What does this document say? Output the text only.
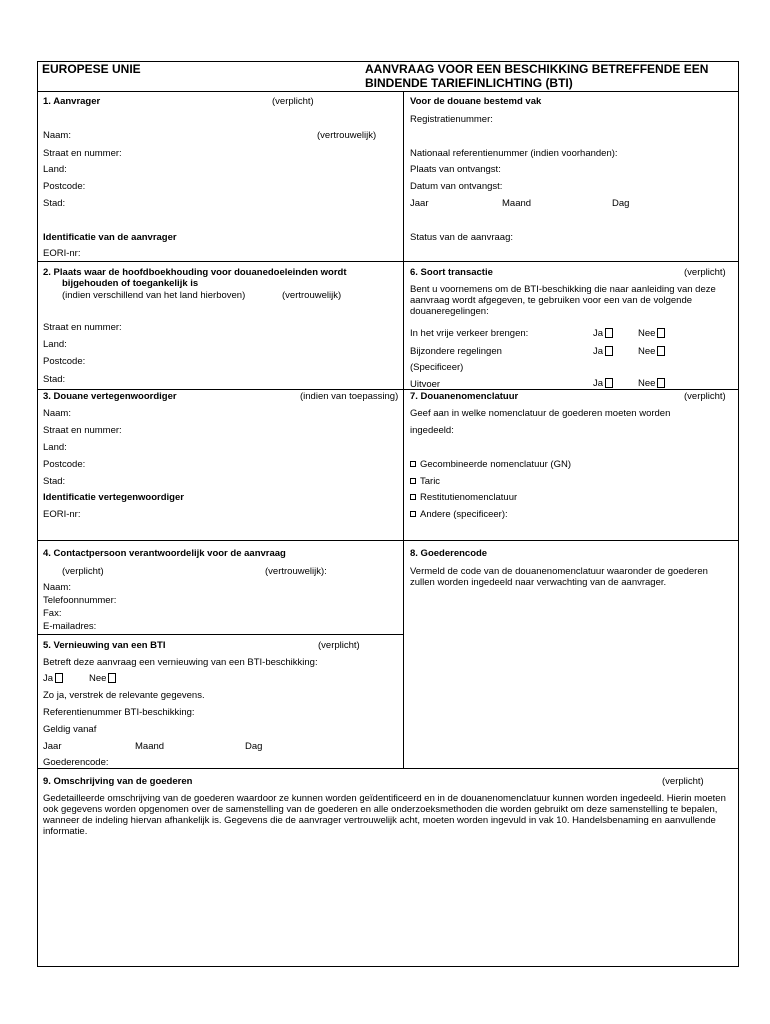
EUROPESE UNIE	AANVRAAG VOOR EEN BESCHIKKING BETREFFENDE EEN
BINDENDE TARIEFINLICHTING (BTI)
1. Aanvrager	(verplicht)
Naam:	(vertrouwelijk)
Straat en nummer:
Land:
Postcode:
Stad:
Identificatie van de aanvrager
EORI-nr:
Voor de douane bestemd vak
Registratienummer:
Nationaal referentienummer (indien voorhanden):
Plaats van ontvangst:
Datum van ontvangst:
Jaar	Maand	Dag
Status van de aanvraag:
2. Plaats waar de hoofdboekhouding voor douanedoeleinden wordt
bijgehouden of toegankelijk is
(indien verschillend van het land hierboven)	(vertrouwelijk)
Straat en nummer:
Land:
Postcode:
Stad:
6. Soort transactie	(verplicht)
Bent u voornemens om de BTI-beschikking die naar aanleiding van deze aanvraag wordt afgegeven, te gebruiken voor een van de volgende douaneregelingen:
In het vrije verkeer brengen:	Ja	Nee
Bijzondere regelingen	Ja	Nee
(Specificeer)
Uitvoer	Ja	Nee
3. Douane vertegenwoordiger	(indien van toepassing)
Naam:
Straat en nummer:
Land:
Postcode:
Stad:
Identificatie vertegenwoordiger
EORI-nr:
7. Douanenomenclatuur	(verplicht)
Geef aan in welke nomenclatuur de goederen moeten worden
ingedeeld:
Gecombineerde nomenclatuur (GN)
Taric
Restitutienomenclatuur
Andere (specificeer):
4. Contactpersoon verantwoordelijk voor de aanvraag
(verplicht)	(vertrouwelijk):
Naam:
Telefoonnummer:
Fax:
E-mailadres:
8. Goederencode
Vermeld de code van de douanenomenclatuur waaronder de goederen zullen worden ingedeeld naar verwachting van de aanvrager.
5. Vernieuwing van een BTI	(verplicht)
Betreft deze aanvraag een vernieuwing van een BTI-beschikking:
Ja	Nee
Zo ja, verstrek de relevante gegevens.
Referentienummer BTI-beschikking:
Geldig vanaf
Jaar	Maand	Dag
Goederencode:
9. Omschrijving van de goederen	(verplicht)
Gedetailleerde omschrijving van de goederen waardoor ze kunnen worden geïdentificeerd en in de douanenomenclatuur kunnen worden ingedeeld. Hierin moeten ook gegevens worden opgenomen over de samenstelling van de goederen en alle onderzoeksmethoden die worden gebruikt om deze samenstelling te bepalen, wanneer de indeling hiervan afhankelijk is. Gegevens die de aanvrager vertrouwelijk acht, moeten worden ingevuld in vak 10. Handelsbenaming en aanvullende informatie.
